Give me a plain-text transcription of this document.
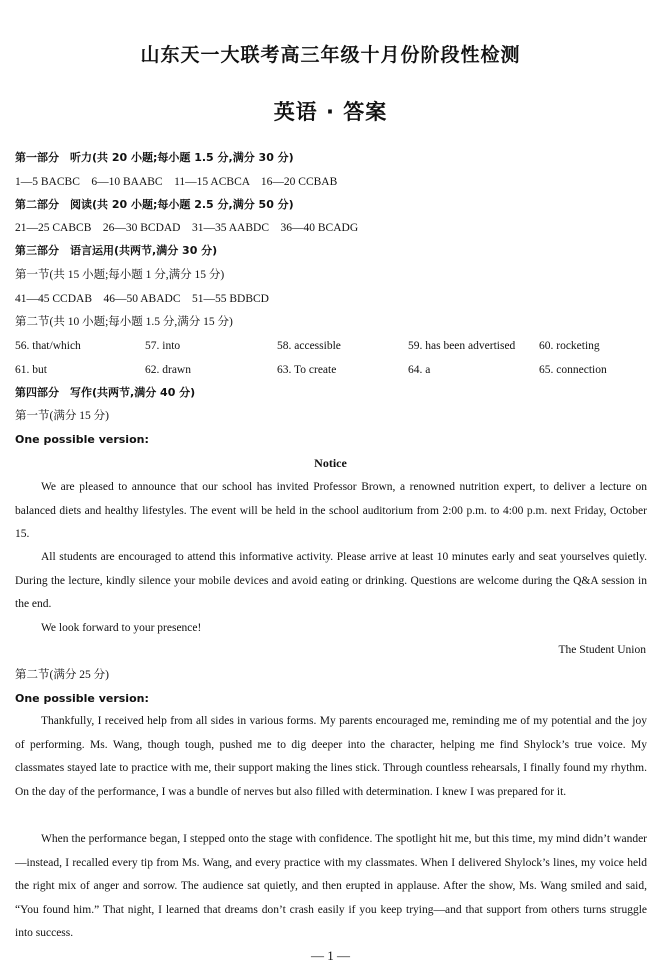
山东天一大联考高三年级十月份阶段性检测
英语 · 答案
第一部分　听力(共 20 小题;每小题 1.5 分,满分 30 分)
1—5 BACBC　6—10 BAABC　11—15 ACBCA　16—20 CCBAB
第二部分　阅读(共 20 小题;每小题 2.5 分,满分 50 分)
21—25 CABCB　26—30 BCDAD　31—35 AABDC　36—40 BCADG
第三部分　语言运用(共两节,满分 30 分)
第一节(共 15 小题;每小题 1 分,满分 15 分)
41—45 CCDAB　46—50 ABADC　51—55 BDBCD
第二节(共 10 小题;每小题 1.5 分,满分 15 分)
56. that/which	57. into	58. accessible	59. has been advertised 60. rocketing
61. but	62. drawn	63. To create	64. a	65. connection
第四部分　写作(共两节,满分 40 分)
第一节(满分 15 分)
One possible version:
Notice
We are pleased to announce that our school has invited Professor Brown, a renowned nutrition expert, to deliver a lecture on balanced diets and healthy lifestyles. The event will be held in the school auditorium from 2:00 p.m. to 4:00 p.m. next Friday, October 15.
All students are encouraged to attend this informative activity. Please arrive at least 10 minutes early and seat yourselves quietly. During the lecture, kindly silence your mobile devices and avoid eating or drinking. Questions are welcome during the Q&A session in the end.
We look forward to your presence!
The Student Union
第二节(满分 25 分)
One possible version:
Thankfully, I received help from all sides in various forms. My parents encouraged me, reminding me of my potential and the joy of performing. Ms. Wang, though tough, pushed me to dig deeper into the character, helping me find Shylock’s true voice. My classmates stayed late to practice with me, their support making the lines stick. Through countless rehearsals, I finally found my rhythm. On the day of the performance, I was a bundle of nerves but also filled with determination. I knew I was prepared for it.
When the performance began, I stepped onto the stage with confidence. The spotlight hit me, but this time, my mind didn’t wander—instead, I recalled every tip from Ms. Wang, and every practice with my classmates. When I delivered Shylock’s lines, my voice held the right mix of anger and sorrow. The audience sat quietly, and then erupted in applause. After the show, Ms. Wang smiled and said, “You found him.” That night, I learned that dreams don’t crash easily if you keep trying—and that support from others turns struggle into success.
— 1 —
